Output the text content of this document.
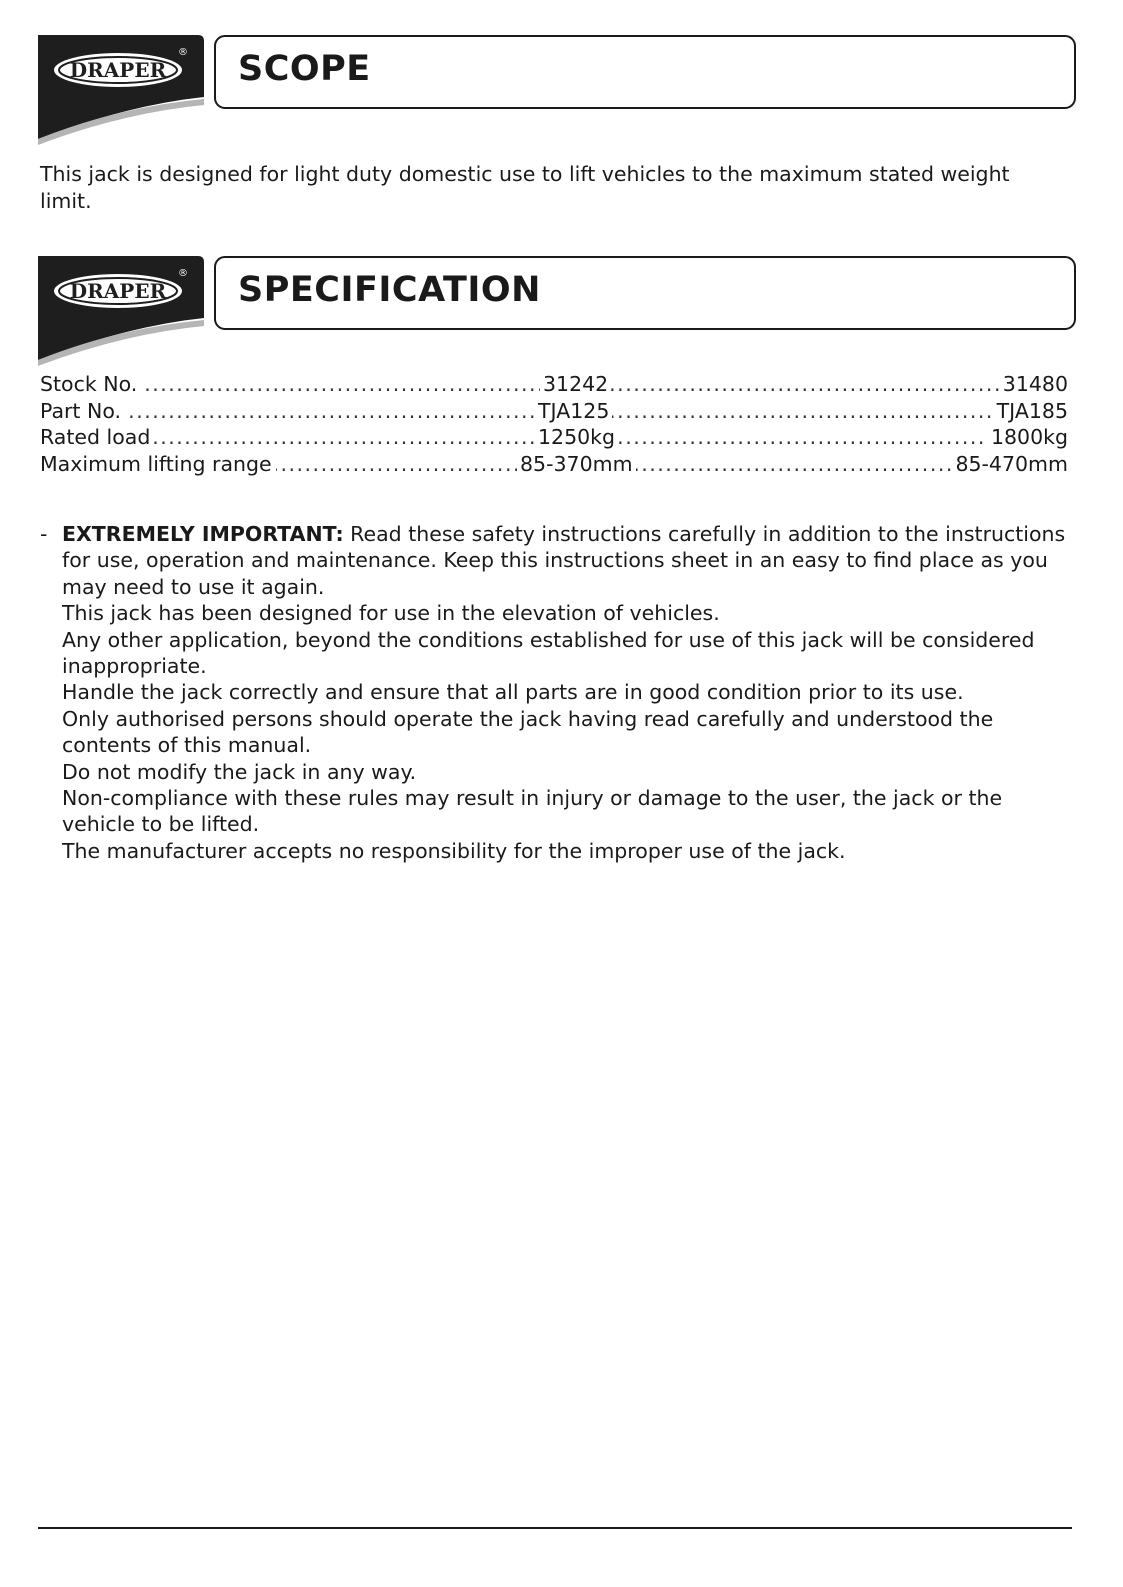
DRAPER
® SCOPE
This jack is designed for light duty domestic use to lift vehicles to the maximum stated weight limit.
DRAPER
® SPECIFICATION
Stock No.	31242	31480
Part No.	TJA125	TJA185
Rated load	1250kg	1800kg
Maximum lifting range	85-370mm	85-470mm
- EXTREMELY IMPORTANT: Read these safety instructions carefully in addition to the instructions for use, operation and maintenance. Keep this instructions sheet in an easy to find place as you may need to use it again.

This jack has been designed for use in the elevation of vehicles.

Any other application, beyond the conditions established for use of this jack will be considered inappropriate.

Handle the jack correctly and ensure that all parts are in good condition prior to its use.

Only authorised persons should operate the jack having read carefully and understood the contents of this manual.

Do not modify the jack in any way.

Non-compliance with these rules may result in injury or damage to the user, the jack or the vehicle to be lifted.

The manufacturer accepts no responsibility for the improper use of the jack.
